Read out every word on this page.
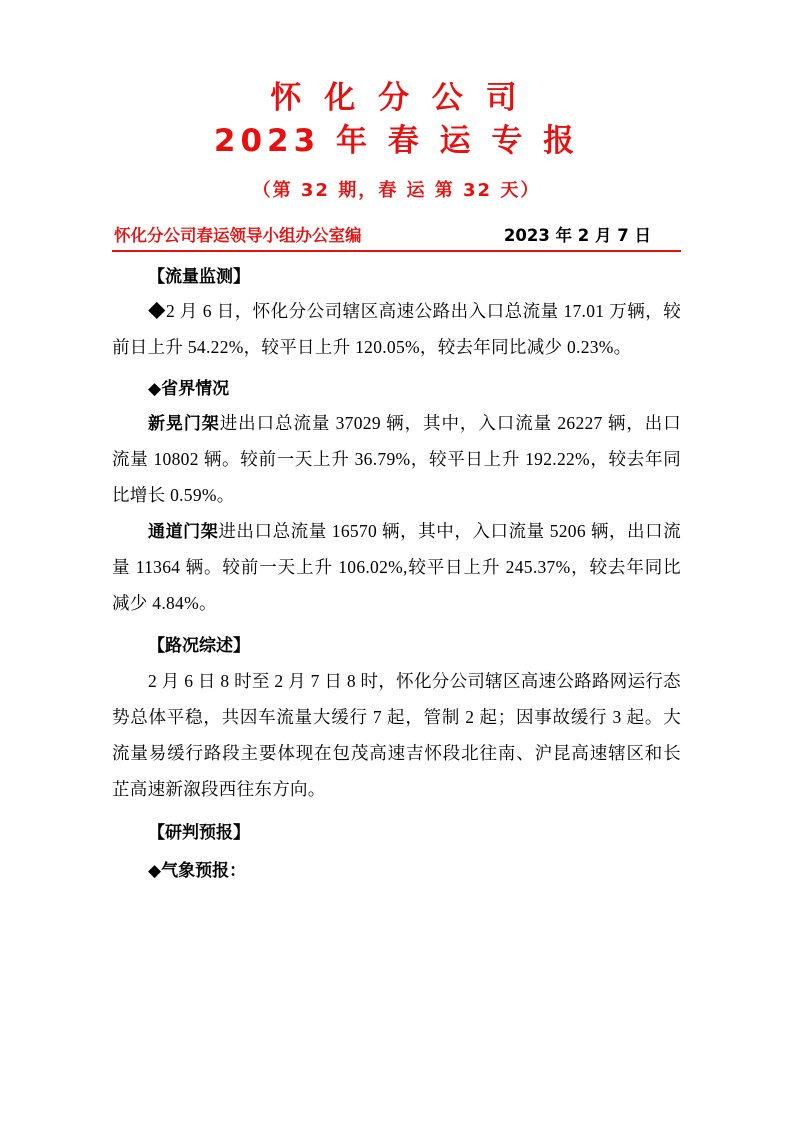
怀 化 分 公 司
2023 年 春 运 专 报
（第 32 期，春 运 第 32 天）
怀化分公司春运领导小组办公室编	2023 年 2 月 7 日
【流量监测】

◆2 月 6 日，怀化分公司辖区高速公路出入口总流量 17.01 万辆，较前日上升 54.22%，较平日上升 120.05%，较去年同比减少 0.23%。

◆省界情况

新晃门架进出口总流量 37029 辆，其中，入口流量 26227 辆，出口流量 10802 辆。较前一天上升 36.79%，较平日上升 192.22%，较去年同比增长 0.59%。

通道门架进出口总流量 16570 辆，其中，入口流量 5206 辆，出口流量 11364 辆。较前一天上升 106.02%,较平日上升 245.37%，较去年同比减少 4.84%。

【路况综述】

2 月 6 日 8 时至 2 月 7 日 8 时，怀化分公司辖区高速公路路网运行态势总体平稳，共因车流量大缓行 7 起，管制 2 起；因事故缓行 3 起。大流量易缓行路段主要体现在包茂高速吉怀段北往南、沪昆高速辖区和长芷高速新溆段西往东方向。

【研判预报】
◆气象预报：
